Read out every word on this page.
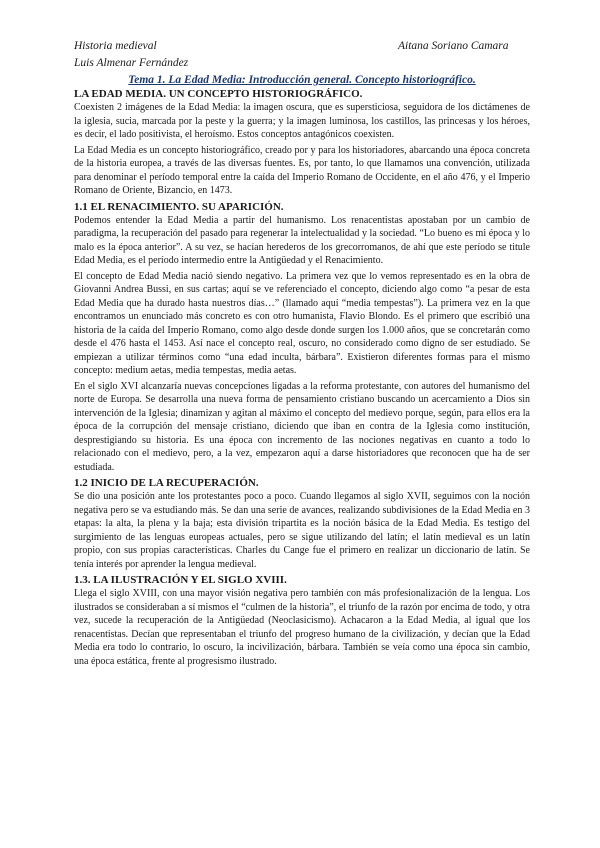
Historia medieval
Luis Almenar Fernández
Aitana Soriano Camara
Tema 1. La Edad Media: Introducción general. Concepto historiográfico.
LA EDAD MEDIA. UN CONCEPTO HISTORIOGRÁFICO.

Coexisten 2 imágenes de la Edad Media: la imagen oscura, que es supersticiosa, seguidora de los dictámenes de la iglesia, sucia, marcada por la peste y la guerra; y la imagen luminosa, los castillos, las princesas y los héroes, es decir, el lado positivista, el heroísmo. Estos conceptos antagónicos coexisten.

La Edad Media es un concepto historiográfico, creado por y para los historiadores, abarcando una época concreta de la historia europea, a través de las diversas fuentes. Es, por tanto, lo que llamamos una convención, utilizada para denominar el período temporal entre la caída del Imperio Romano de Occidente, en el año 476, y el Imperio Romano de Oriente, Bizancio, en 1473.

1.1 EL RENACIMIENTO. SU APARICIÓN.

Podemos entender la Edad Media a partir del humanismo. Los renacentistas apostaban por un cambio de paradigma, la recuperación del pasado para regenerar la intelectualidad y la sociedad. “Lo bueno es mi época y lo malo es la época anterior”. A su vez, se hacían herederos de los grecorromanos, de ahí que este período se titule Edad Media, es el período intermedio entre la Antigüedad y el Renacimiento.

El concepto de Edad Media nació siendo negativo. La primera vez que lo vemos representado es en la obra de Giovanni Andrea Bussi, en sus cartas; aquí se ve referenciado el concepto, diciendo algo como “a pesar de esta Edad Media que ha durado hasta nuestros días…” (llamado aquí “media tempestas”). La primera vez en la que encontramos un enunciado más concreto es con otro humanista, Flavio Blondo. Es el primero que escribió una historia de la caída del Imperio Romano, como algo desde donde surgen los 1.000 años, que se concretarán como desde el 476 hasta el 1453. Así nace el concepto real, oscuro, no considerado como digno de ser estudiado. Se empiezan a utilizar términos como “una edad inculta, bárbara”. Existieron diferentes formas para el mismo concepto: medium aetas, media tempestas, media aetas.

En el siglo XVI alcanzaría nuevas concepciones ligadas a la reforma protestante, con autores del humanismo del norte de Europa. Se desarrolla una nueva forma de pensamiento cristiano buscando un acercamiento a Dios sin intervención de la Iglesia; dinamizan y agitan al máximo el concepto del medievo porque, según, para ellos era la época de la corrupción del mensaje cristiano, diciendo que iban en contra de la Iglesia como institución, desprestigiando su historia. Es una época con incremento de las nociones negativas en cuanto a todo lo relacionado con el medievo, pero, a la vez, empezaron aquí a darse historiadores que reconocen que ha de ser estudiada.

1.2 INICIO DE LA RECUPERACIÓN.

Se dio una posición ante los protestantes poco a poco. Cuando llegamos al siglo XVII, seguimos con la noción negativa pero se va estudiando más. Se dan una serie de avances, realizando subdivisiones de la Edad Media en 3 etapas: la alta, la plena y la baja; esta división tripartita es la noción básica de la Edad Media. Es testigo del surgimiento de las lenguas europeas actuales, pero se sigue utilizando del latín; el latín medieval es un latín propio, con sus propias características. Charles du Cange fue el primero en realizar un diccionario de latín. Se tenía interés por aprender la lengua medieval.

1.3. LA ILUSTRACIÓN Y EL SIGLO XVIII.

Llega el siglo XVIII, con una mayor visión negativa pero también con más profesionalización de la lengua. Los ilustrados se consideraban a sí mismos el “culmen de la historia”, el triunfo de la razón por encima de todo, y otra vez, sucede la recuperación de la Antigüedad (Neoclasicismo). Achacaron a la Edad Media, al igual que los renacentistas. Decían que representaban el triunfo del progreso humano de la civilización, y decían que la Edad Media era todo lo contrario, lo oscuro, la incivilización, bárbara. También se veía como una época sin cambio, una época estática, frente al progresismo ilustrado.
